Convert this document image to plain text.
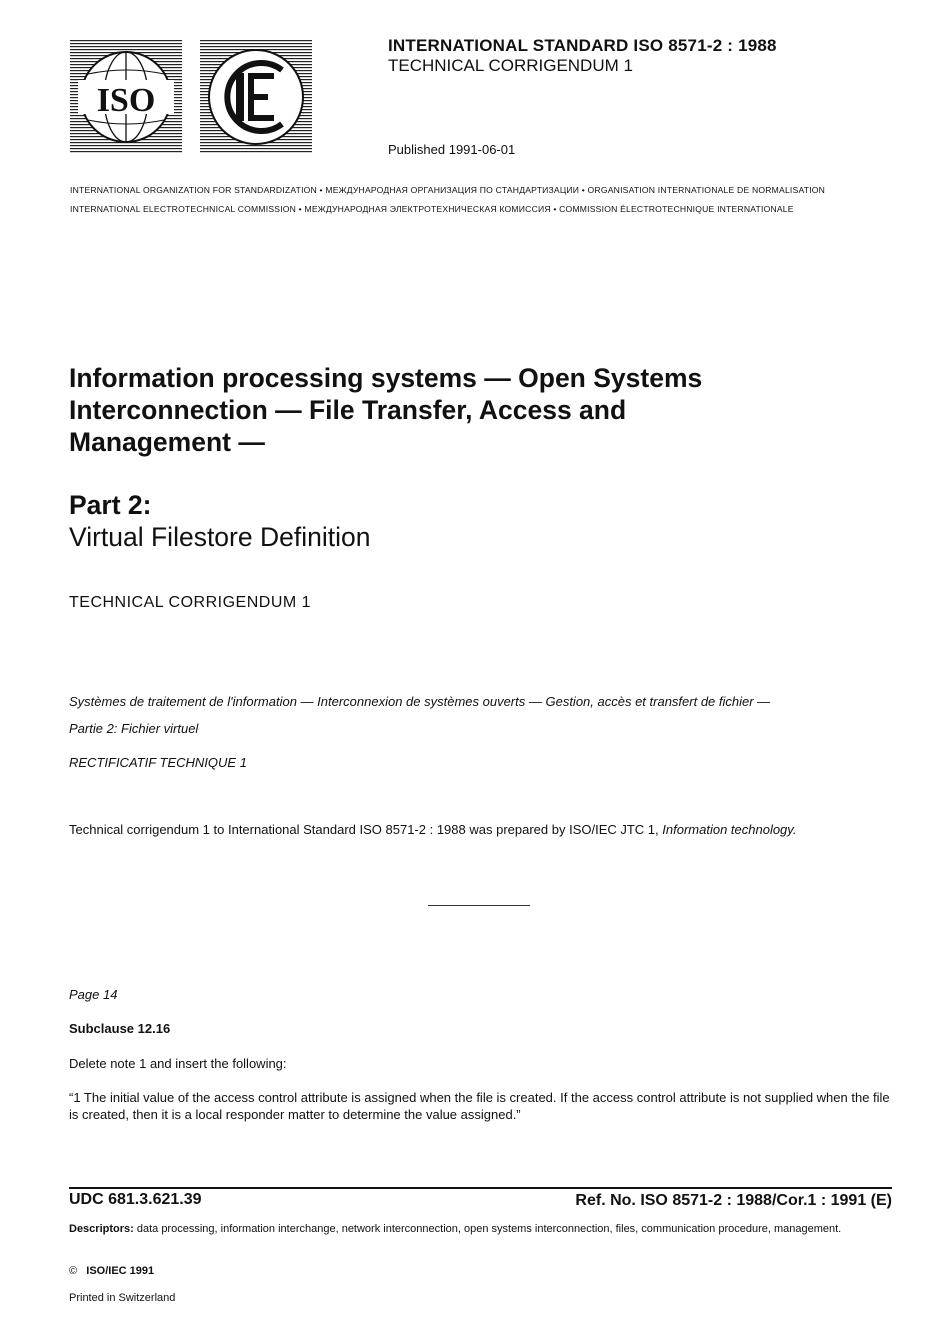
ISO
INTERNATIONAL STANDARD ISO 8571-2 : 1988
TECHNICAL CORRIGENDUM 1
Published 1991-06-01
INTERNATIONAL ORGANIZATION FOR STANDARDIZATION • МЕЖДУНАРОДНАЯ ОРГАНИЗАЦИЯ ПО СТАНДАРТИЗАЦИИ • ORGANISATION INTERNATIONALE DE NORMALISATION
INTERNATIONAL ELECTROTECHNICAL COMMISSION • МЕЖДУНАРОДНАЯ ЭЛЕКТРОТЕХНИЧЕСКАЯ КОМИССИЯ • COMMISSION ÉLECTROTECHNIQUE INTERNATIONALE
Information processing systems — Open Systems
Interconnection — File Transfer, Access and
Management —
Part 2:
Virtual Filestore Definition
TECHNICAL CORRIGENDUM 1
Systèmes de traitement de l'information — Interconnexion de systèmes ouverts — Gestion, accès et transfert de fichier —
Partie 2: Fichier virtuel
RECTIFICATIF TECHNIQUE 1
Technical corrigendum 1 to International Standard ISO 8571-2 : 1988 was prepared by ISO/IEC JTC 1, Information technology.
Page 14
Subclause 12.16
Delete note 1 and insert the following:
“1 The initial value of the access control attribute is assigned when the file is created. If the access control attribute is not supplied when the file is created, then it is a local responder matter to determine the value assigned.”
UDC 681.3.621.39	Ref. No. ISO 8571-2 : 1988/Cor.1 : 1991 (E)
Descriptors: data processing, information interchange, network interconnection, open systems interconnection, files, communication procedure, management.
© ISO/IEC 1991
Printed in Switzerland
